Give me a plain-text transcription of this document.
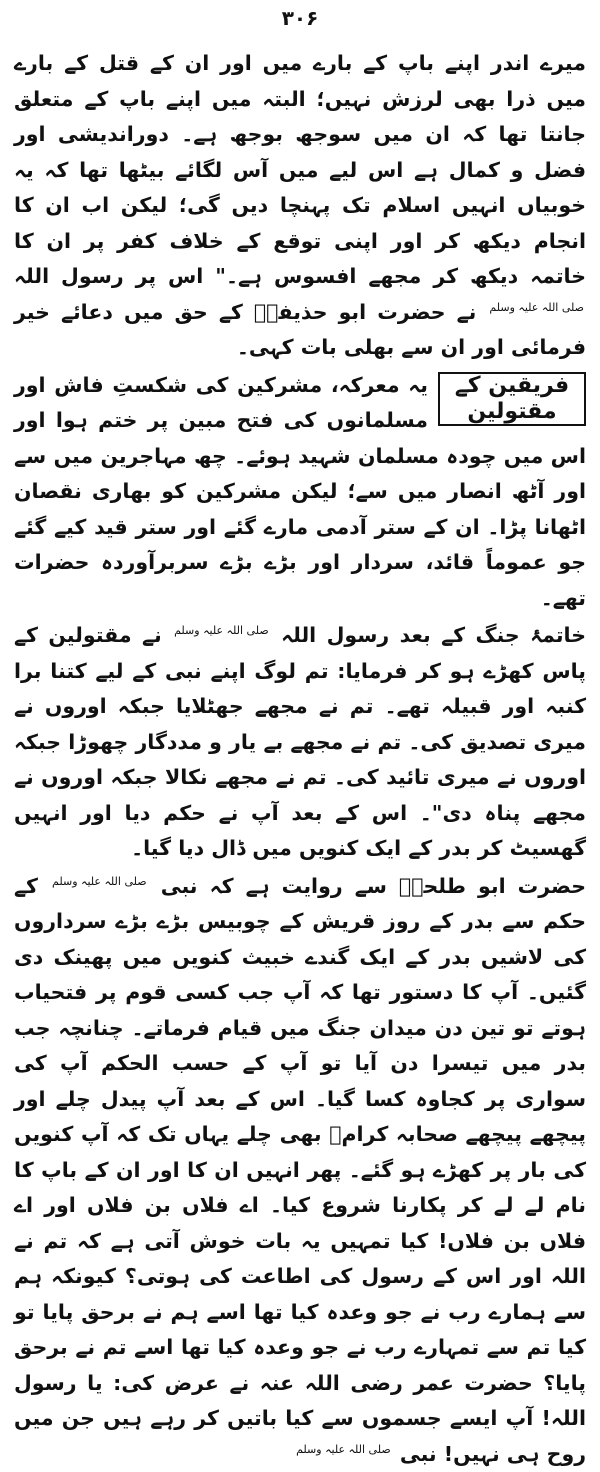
۳۰۶

میرے اندر اپنے باپ کے بارے میں اور ان کے قتل کے بارے میں ذرا بھی لرزش نہیں؛ البتہ میں اپنے باپ کے متعلق جانتا تھا کہ ان میں سوجھ بوجھ ہے۔ دوراندیشی اور فضل و کمال ہے اس لیے میں آس لگائے بیٹھا تھا کہ یہ خوبیاں انہیں اسلام تک پہنچا دیں گی؛ لیکن اب ان کا انجام دیکھ کر اور اپنی توقع کے خلاف کفر پر ان کا خاتمہ دیکھ کر مجھے افسوس ہے۔" اس پر رسول اللہ صلی اللہ علیہ وسلم نے حضرت ابو حذیفہؓ کے حق میں دعائے خیر فرمائی اور ان سے بھلی بات کہی۔

فریقین کے مقتولین
یہ معرکہ، مشرکین کی شکستِ فاش اور مسلمانوں کی فتح مبین پر ختم ہوا اور اس میں چودہ مسلمان شہید ہوئے۔ چھ مہاجرین میں سے اور آٹھ انصار میں سے؛ لیکن مشرکین کو بھاری نقصان اٹھانا پڑا۔ ان کے ستر آدمی مارے گئے اور ستر قید کیے گئے جو عموماً قائد، سردار اور بڑے بڑے سربرآوردہ حضرات تھے۔

خاتمۂ جنگ کے بعد رسول اللہ صلی اللہ علیہ وسلم نے مقتولین کے پاس کھڑے ہو کر فرمایا: تم لوگ اپنے نبی کے لیے کتنا برا کنبہ اور قبیلہ تھے۔ تم نے مجھے جھٹلایا جبکہ اوروں نے میری تصدیق کی۔ تم نے مجھے بے یار و مددگار چھوڑا جبکہ اوروں نے میری تائید کی۔ تم نے مجھے نکالا جبکہ اوروں نے مجھے پناہ دی"۔ اس کے بعد آپ نے حکم دیا اور انہیں گھسیٹ کر بدر کے ایک کنویں میں ڈال دیا گیا۔

حضرت ابو طلحہؓ سے روایت ہے کہ نبی صلی اللہ علیہ وسلم کے حکم سے بدر کے روز قریش کے چوبیس بڑے بڑے سرداروں کی لاشیں بدر کے ایک گندے خبیث کنویں میں پھینک دی گئیں۔ آپ کا دستور تھا کہ آپ جب کسی قوم پر فتحیاب ہوتے تو تین دن میدان جنگ میں قیام فرماتے۔ چنانچہ جب بدر میں تیسرا دن آیا تو آپ کے حسب الحکم آپ کی سواری پر کجاوہ کسا گیا۔ اس کے بعد آپ پیدل چلے اور پیچھے پیچھے صحابہ کرامؓ بھی چلے یہاں تک کہ آپ کنویں کی بار پر کھڑے ہو گئے۔ پھر انہیں ان کا اور ان کے باپ کا نام لے لے کر پکارنا شروع کیا۔ اے فلاں بن فلاں اور اے فلاں بن فلاں! کیا تمہیں یہ بات خوش آتی ہے کہ تم نے اللہ اور اس کے رسول کی اطاعت کی ہوتی؟ کیونکہ ہم سے ہمارے رب نے جو وعدہ کیا تھا اسے ہم نے برحق پایا تو کیا تم سے تمہارے رب نے جو وعدہ کیا تھا اسے تم نے برحق پایا؟ حضرت عمر رضی اللہ عنہ نے عرض کی: یا رسول اللہ! آپ ایسے جسموں سے کیا باتیں کر رہے ہیں جن میں روح ہی نہیں! نبی صلی اللہ علیہ وسلم
